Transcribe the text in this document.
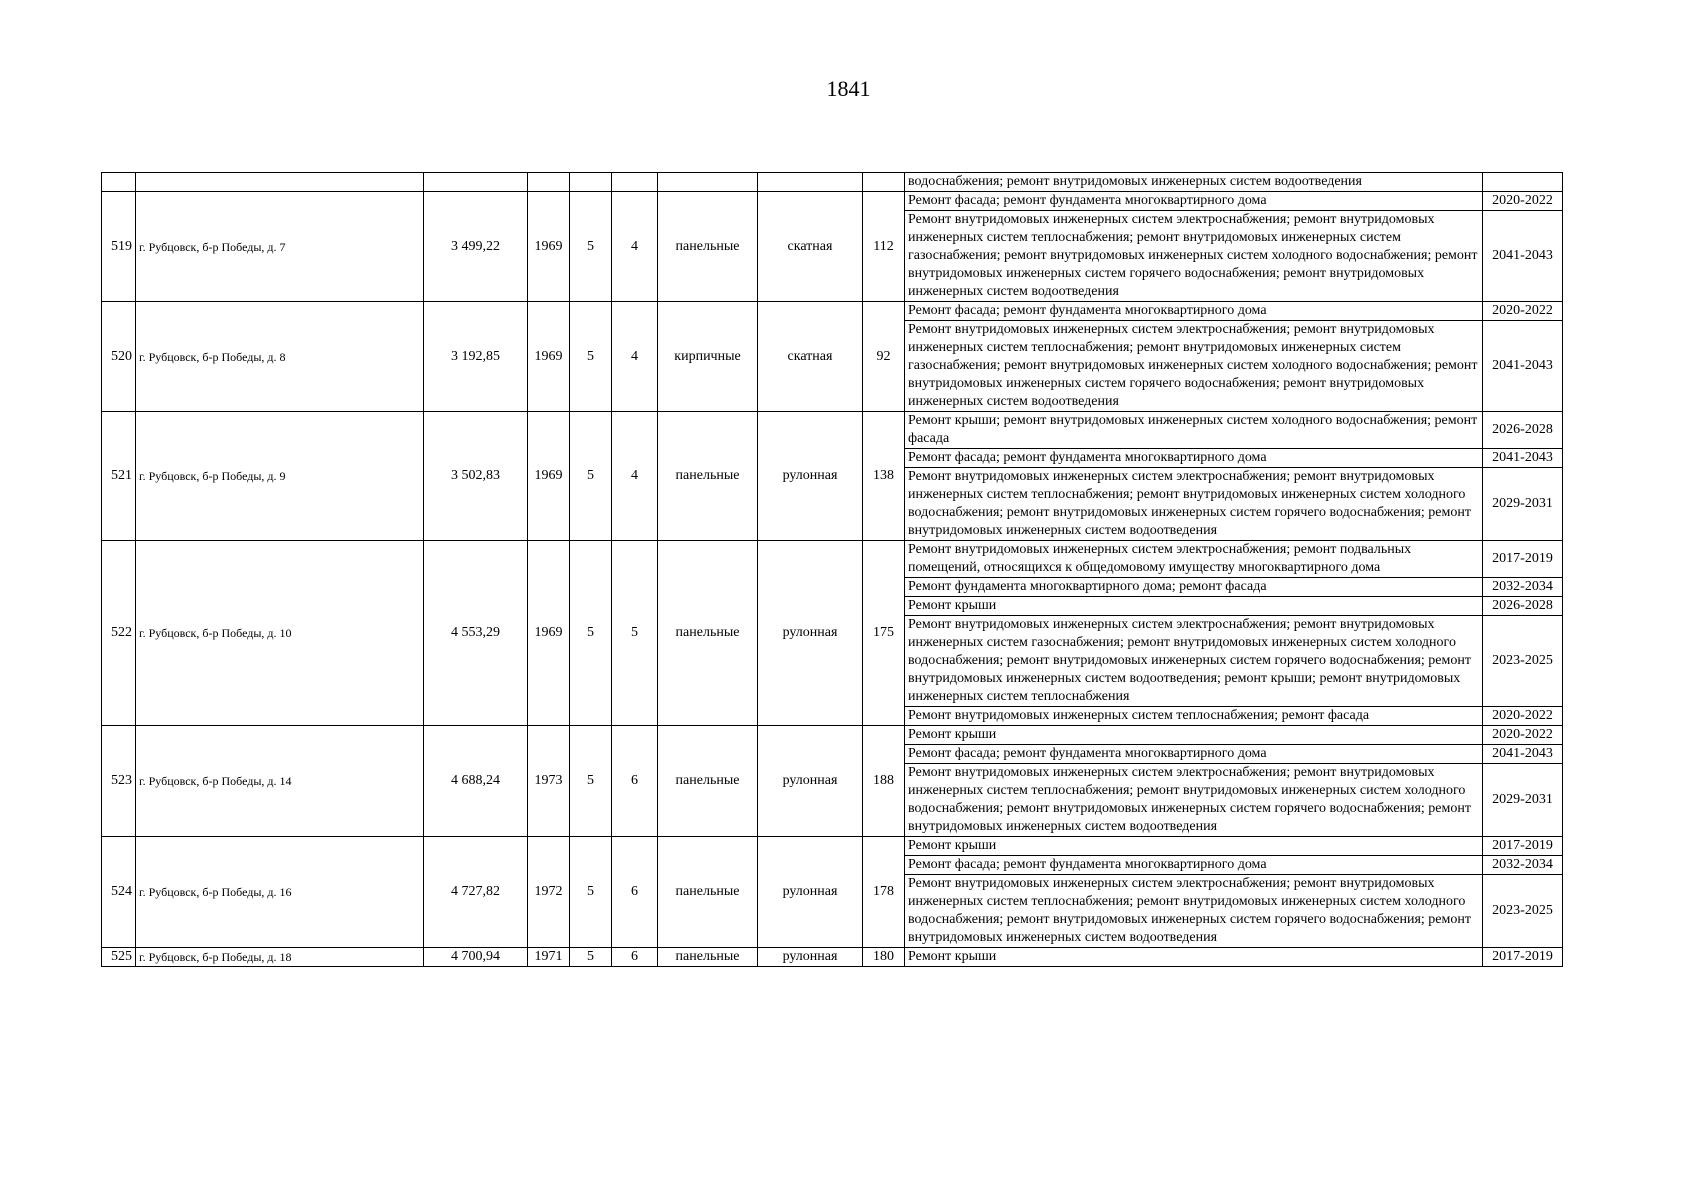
1841
									водоснабжения; ремонт внутридомовых инженерных систем водоотведения	
519	г. Рубцовск, б-р Победы, д. 7	3 499,22	1969	5	4	панельные	скатная	112	Ремонт фасада; ремонт фундамента многоквартирного дома	2020-2022
									Ремонт внутридомовых инженерных систем электроснабжения; ремонт внутридомовых инженерных систем теплоснабжения; ремонт внутридомовых инженерных систем газоснабжения; ремонт внутридомовых инженерных систем холодного водоснабжения; ремонт внутридомовых инженерных систем горячего водоснабжения; ремонт внутридомовых инженерных систем водоотведения	2041-2043
520	г. Рубцовск, б-р Победы, д. 8	3 192,85	1969	5	4	кирпичные	скатная	92	Ремонт фасада; ремонт фундамента многоквартирного дома	2020-2022
									Ремонт внутридомовых инженерных систем электроснабжения; ремонт внутридомовых инженерных систем теплоснабжения; ремонт внутридомовых инженерных систем газоснабжения; ремонт внутридомовых инженерных систем холодного водоснабжения; ремонт внутридомовых инженерных систем горячего водоснабжения; ремонт внутридомовых инженерных систем водоотведения	2041-2043
521	г. Рубцовск, б-р Победы, д. 9	3 502,83	1969	5	4	панельные	рулонная	138	Ремонт крыши; ремонт внутридомовых инженерных систем холодного водоснабжения; ремонт фасада	2026-2028
									Ремонт фасада; ремонт фундамента многоквартирного дома	2041-2043
									Ремонт внутридомовых инженерных систем электроснабжения; ремонт внутридомовых инженерных систем теплоснабжения; ремонт внутридомовых инженерных систем холодного водоснабжения; ремонт внутридомовых инженерных систем горячего водоснабжения; ремонт внутридомовых инженерных систем водоотведения	2029-2031
522	г. Рубцовск, б-р Победы, д. 10	4 553,29	1969	5	5	панельные	рулонная	175	Ремонт внутридомовых инженерных систем электроснабжения; ремонт подвальных помещений, относящихся к общедомовому имуществу многоквартирного дома	2017-2019
									Ремонт фундамента многоквартирного дома; ремонт фасада	2032-2034
									Ремонт крыши	2026-2028
									Ремонт внутридомовых инженерных систем электроснабжения; ремонт внутридомовых инженерных систем газоснабжения; ремонт внутридомовых инженерных систем холодного водоснабжения; ремонт внутридомовых инженерных систем горячего водоснабжения; ремонт внутридомовых инженерных систем водоотведения; ремонт крыши; ремонт внутридомовых инженерных систем теплоснабжения	2023-2025
									Ремонт внутридомовых инженерных систем теплоснабжения; ремонт фасада	2020-2022
523	г. Рубцовск, б-р Победы, д. 14	4 688,24	1973	5	6	панельные	рулонная	188	Ремонт крыши	2020-2022
									Ремонт фасада; ремонт фундамента многоквартирного дома	2041-2043
									Ремонт внутридомовых инженерных систем электроснабжения; ремонт внутридомовых инженерных систем теплоснабжения; ремонт внутридомовых инженерных систем холодного водоснабжения; ремонт внутридомовых инженерных систем горячего водоснабжения; ремонт внутридомовых инженерных систем водоотведения	2029-2031
524	г. Рубцовск, б-р Победы, д. 16	4 727,82	1972	5	6	панельные	рулонная	178	Ремонт крыши	2017-2019
									Ремонт фасада; ремонт фундамента многоквартирного дома	2032-2034
									Ремонт внутридомовых инженерных систем электроснабжения; ремонт внутридомовых инженерных систем теплоснабжения; ремонт внутридомовых инженерных систем холодного водоснабжения; ремонт внутридомовых инженерных систем горячего водоснабжения; ремонт внутридомовых инженерных систем водоотведения	2023-2025
525	г. Рубцовск, б-р Победы, д. 18	4 700,94	1971	5	6	панельные	рулонная	180	Ремонт крыши	2017-2019
